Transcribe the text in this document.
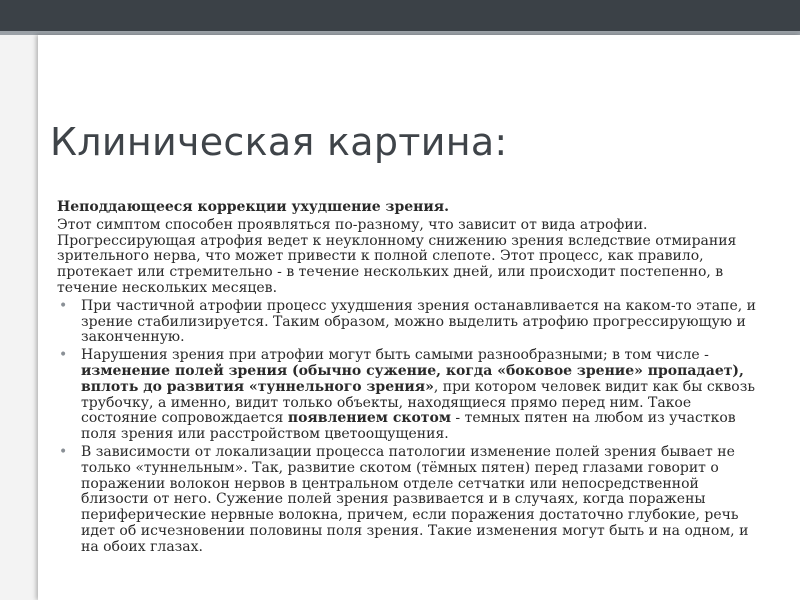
Клиническая картина:

Неподдающееся коррекции ухудшение зрения.

Этот симптом способен проявляться по-разному, что зависит от вида атрофии. Прогрессирующая атрофия ведет к неуклонному снижению зрения вследствие отмирания зрительного нерва, что может привести к полной слепоте. Этот процесс, как правило, протекает или стремительно - в течение нескольких дней, или происходит постепенно, в течение нескольких месяцев.

• При частичной атрофии процесс ухудшения зрения останавливается на каком-то этапе, и зрение стабилизируется. Таким образом, можно выделить атрофию прогрессирующую и законченную.
• Нарушения зрения при атрофии могут быть самыми разнообразными; в том числе - изменение полей зрения (обычно сужение, когда «боковое зрение» пропадает), вплоть до развития «туннельного зрения», при котором человек видит как бы сквозь трубочку, а именно, видит только объекты, находящиеся прямо перед ним. Такое состояние сопровождается появлением скотом - темных пятен на любом из участков поля зрения или расстройством цветоощущения.
• В зависимости от локализации процесса патологии изменение полей зрения бывает не только «туннельным». Так, развитие скотом (тёмных пятен) перед глазами говорит о поражении волокон нервов в центральном отделе сетчатки или непосредственной близости от него. Сужение полей зрения развивается и в случаях, когда поражены периферические нервные волокна, причем, если поражения достаточно глубокие, речь идет об исчезновении половины поля зрения. Такие изменения могут быть и на одном, и на обоих глазах.
